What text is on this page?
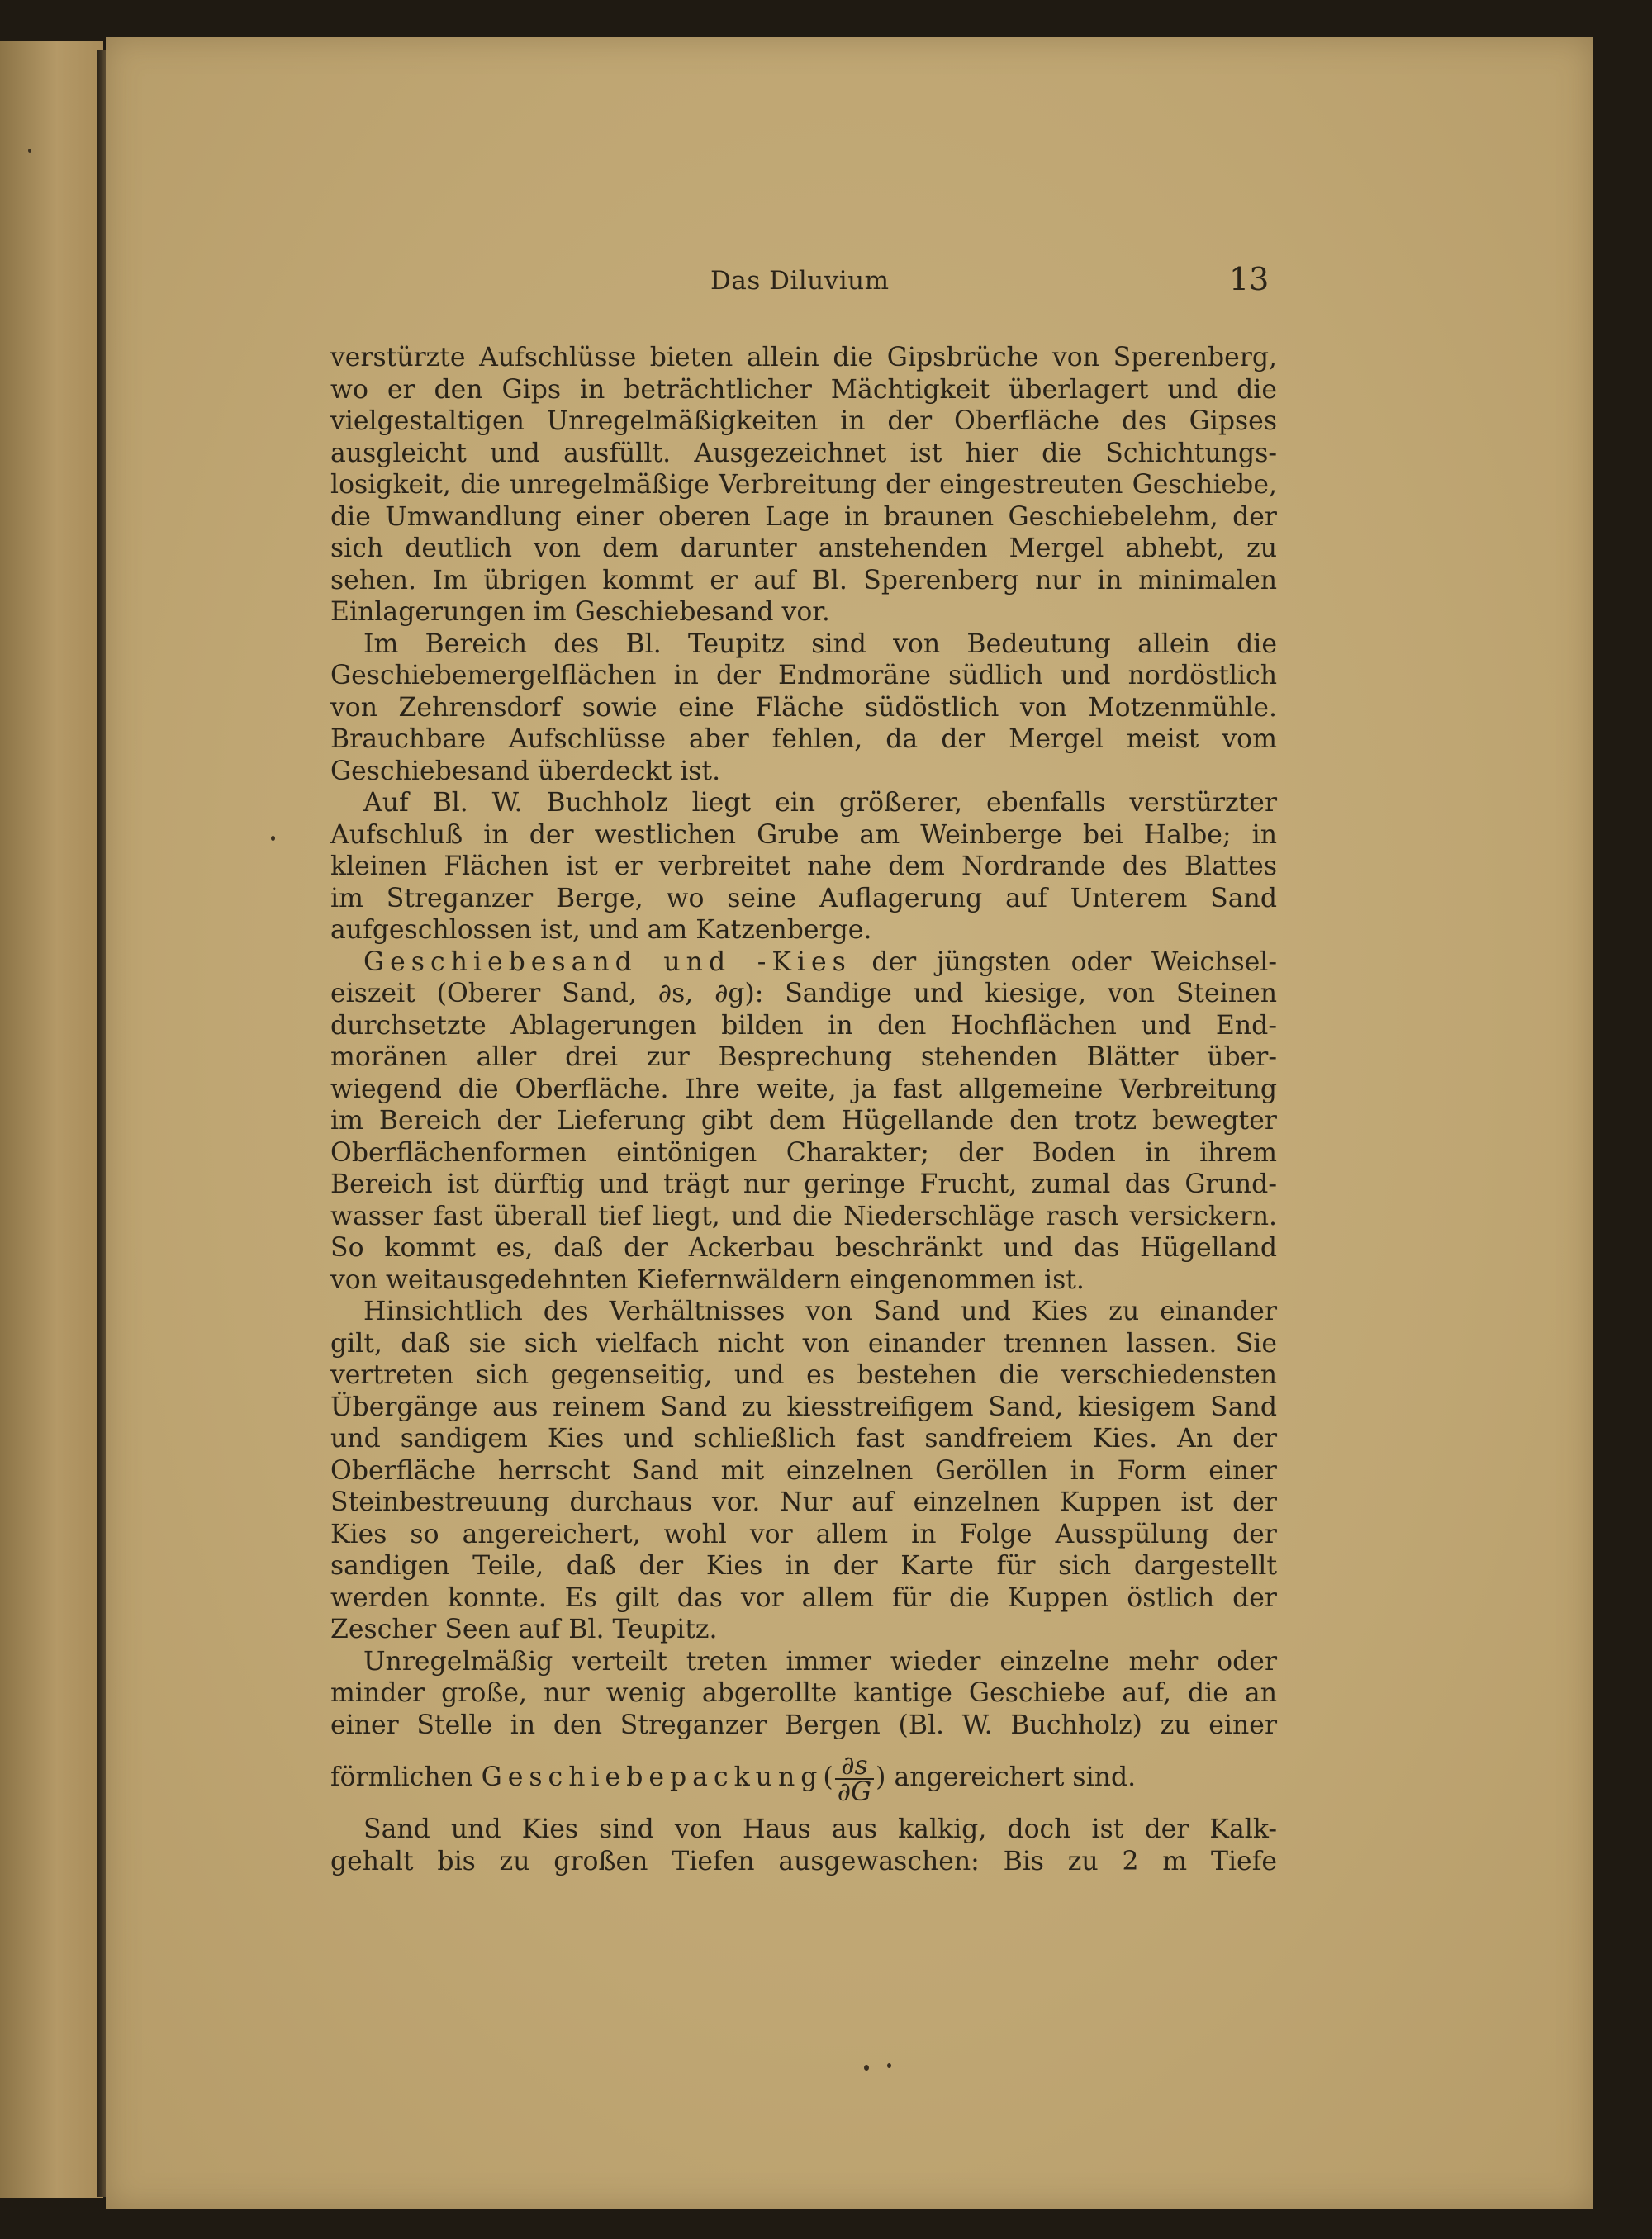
Das Diluvium	13
verstürzte Aufschlüsse bieten allein die Gipsbrüche von Sperenberg,
wo er den Gips in beträchtlicher Mächtigkeit überlagert und die
vielgestaltigen Unregelmäßigkeiten in der Oberfläche des Gipses
ausgleicht und ausfüllt. Ausgezeichnet ist hier die Schichtungs-
losigkeit, die unregelmäßige Verbreitung der eingestreuten Geschiebe,
die Umwandlung einer oberen Lage in braunen Geschiebelehm, der
sich deutlich von dem darunter anstehenden Mergel abhebt, zu
sehen. Im übrigen kommt er auf Bl. Sperenberg nur in minimalen
Einlagerungen im Geschiebesand vor.
Im Bereich des Bl. Teupitz sind von Bedeutung allein die
Geschiebemergelflächen in der Endmoräne südlich und nordöstlich
von Zehrensdorf sowie eine Fläche südöstlich von Motzenmühle.
Brauchbare Aufschlüsse aber fehlen, da der Mergel meist vom
Geschiebesand überdeckt ist.
Auf Bl. W. Buchholz liegt ein größerer, ebenfalls verstürzter
Aufschluß in der westlichen Grube am Weinberge bei Halbe; in
kleinen Flächen ist er verbreitet nahe dem Nordrande des Blattes
im Streganzer Berge, wo seine Auflagerung auf Unterem Sand
aufgeschlossen ist, und am Katzenberge.
Geschiebesand und -Kies der jüngsten oder Weichsel-
eiszeit (Oberer Sand, ∂s, ∂g): Sandige und kiesige, von Steinen
durchsetzte Ablagerungen bilden in den Hochflächen und End-
moränen aller drei zur Besprechung stehenden Blätter über-
wiegend die Oberfläche. Ihre weite, ja fast allgemeine Verbreitung
im Bereich der Lieferung gibt dem Hügellande den trotz bewegter
Oberflächenformen eintönigen Charakter; der Boden in ihrem
Bereich ist dürftig und trägt nur geringe Frucht, zumal das Grund-
wasser fast überall tief liegt, und die Niederschläge rasch versickern.
So kommt es, daß der Ackerbau beschränkt und das Hügelland
von weitausgedehnten Kiefernwäldern eingenommen ist.
Hinsichtlich des Verhältnisses von Sand und Kies zu einander
gilt, daß sie sich vielfach nicht von einander trennen lassen. Sie
vertreten sich gegenseitig, und es bestehen die verschiedensten
Übergänge aus reinem Sand zu kiesstreifigem Sand, kiesigem Sand
und sandigem Kies und schließlich fast sandfreiem Kies. An der
Oberfläche herrscht Sand mit einzelnen Geröllen in Form einer
Steinbestreuung durchaus vor. Nur auf einzelnen Kuppen ist der
Kies so angereichert, wohl vor allem in Folge Ausspülung der
sandigen Teile, daß der Kies in der Karte für sich dargestellt
werden konnte. Es gilt das vor allem für die Kuppen östlich der
Zescher Seen auf Bl. Teupitz.
Unregelmäßig verteilt treten immer wieder einzelne mehr oder
minder große, nur wenig abgerollte kantige Geschiebe auf, die an
einer Stelle in den Streganzer Bergen (Bl. W. Buchholz) zu einer
förmlichen Geschiebepackung( $\frac{\partial s}{\partial G}$ ) angereichert sind.
Sand und Kies sind von Haus aus kalkig, doch ist der Kalk-
gehalt bis zu großen Tiefen ausgewaschen: Bis zu 2 m Tiefe
